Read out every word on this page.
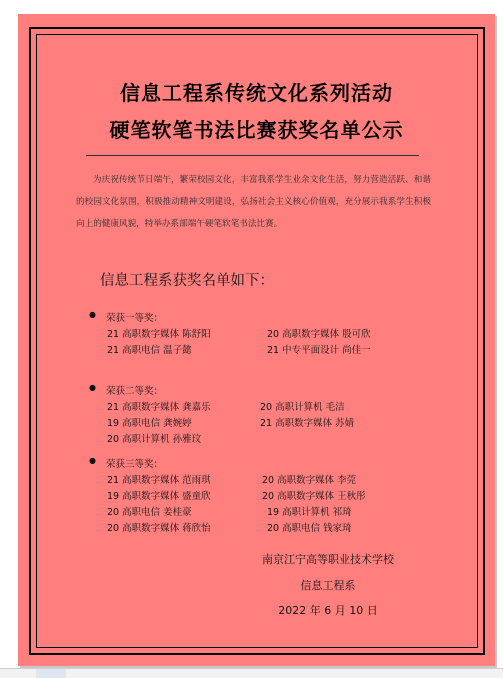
信息工程系传统文化系列活动
硬笔软笔书法比赛获奖名单公示
为庆祝传统节日端午，繁荣校园文化，丰富我系学生业余文化生活，努力营造活跃、和谐的校园文化氛围，积极推动精神文明建设，弘扬社会主义核心价值观，充分展示我系学生积极向上的健康风貌，特举办系部端午硬笔软笔书法比赛。
信息工程系获奖名单如下：
● 荣获一等奖：
21 高职数字媒体 陈舒阳	20 高职数字媒体 殷可欣
21 高职电信 温子懿	21 中专平面设计 尚佳一
● 荣获二等奖：
21 高职数字媒体 龚嘉乐	20 高职计算机 毛洁
19 高职电信 龚婉婷	21 高职数字媒体 苏婧
20 高职计算机 孙雅玟
● 荣获三等奖：
21 高职数字媒体 范雨琪	20 高职数字媒体 李莞
19 高职数字媒体 盛童欣	20 高职数字媒体 王秋彤
20 高职电信 姜桂豪	19 高职计算机 祁琦
20 高职数字媒体 蒋欣怡	20 高职电信 钱家琦
南京江宁高等职业技术学校
信息工程系
2022 年 6 月 10 日
